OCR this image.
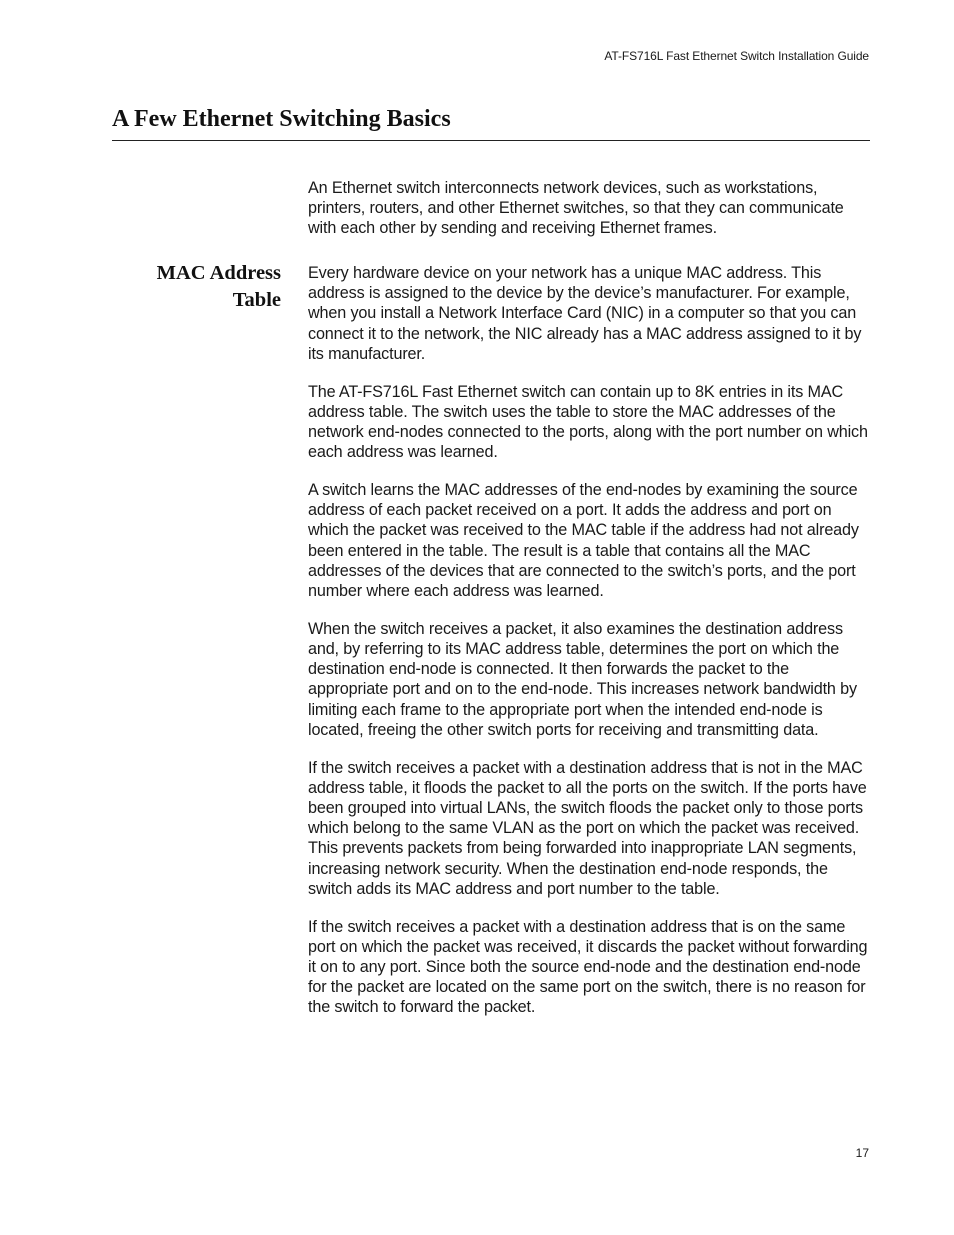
AT-FS716L Fast Ethernet Switch Installation Guide
A Few Ethernet Switching Basics

An Ethernet switch interconnects network devices, such as workstations, printers, routers, and other Ethernet switches, so that they can communicate with each other by sending and receiving Ethernet frames.

MAC Address
Table

Every hardware device on your network has a unique MAC address. This address is assigned to the device by the device’s manufacturer. For example, when you install a Network Interface Card (NIC) in a computer so that you can connect it to the network, the NIC already has a MAC address assigned to it by its manufacturer.

The AT-FS716L Fast Ethernet switch can contain up to 8K entries in its MAC address table. The switch uses the table to store the MAC addresses of the network end-nodes connected to the ports, along with the port number on which each address was learned.

A switch learns the MAC addresses of the end-nodes by examining the source address of each packet received on a port. It adds the address and port on which the packet was received to the MAC table if the address had not already been entered in the table. The result is a table that contains all the MAC addresses of the devices that are connected to the switch’s ports, and the port number where each address was learned.

When the switch receives a packet, it also examines the destination address and, by referring to its MAC address table, determines the port on which the destination end-node is connected. It then forwards the packet to the appropriate port and on to the end-node. This increases network bandwidth by limiting each frame to the appropriate port when the intended end-node is located, freeing the other switch ports for receiving and transmitting data.

If the switch receives a packet with a destination address that is not in the MAC address table, it floods the packet to all the ports on the switch. If the ports have been grouped into virtual LANs, the switch floods the packet only to those ports which belong to the same VLAN as the port on which the packet was received. This prevents packets from being forwarded into inappropriate LAN segments, increasing network security. When the destination end-node responds, the switch adds its MAC address and port number to the table.

If the switch receives a packet with a destination address that is on the same port on which the packet was received, it discards the packet without forwarding it on to any port. Since both the source end-node and the destination end-node for the packet are located on the same port on the switch, there is no reason for the switch to forward the packet.

17
